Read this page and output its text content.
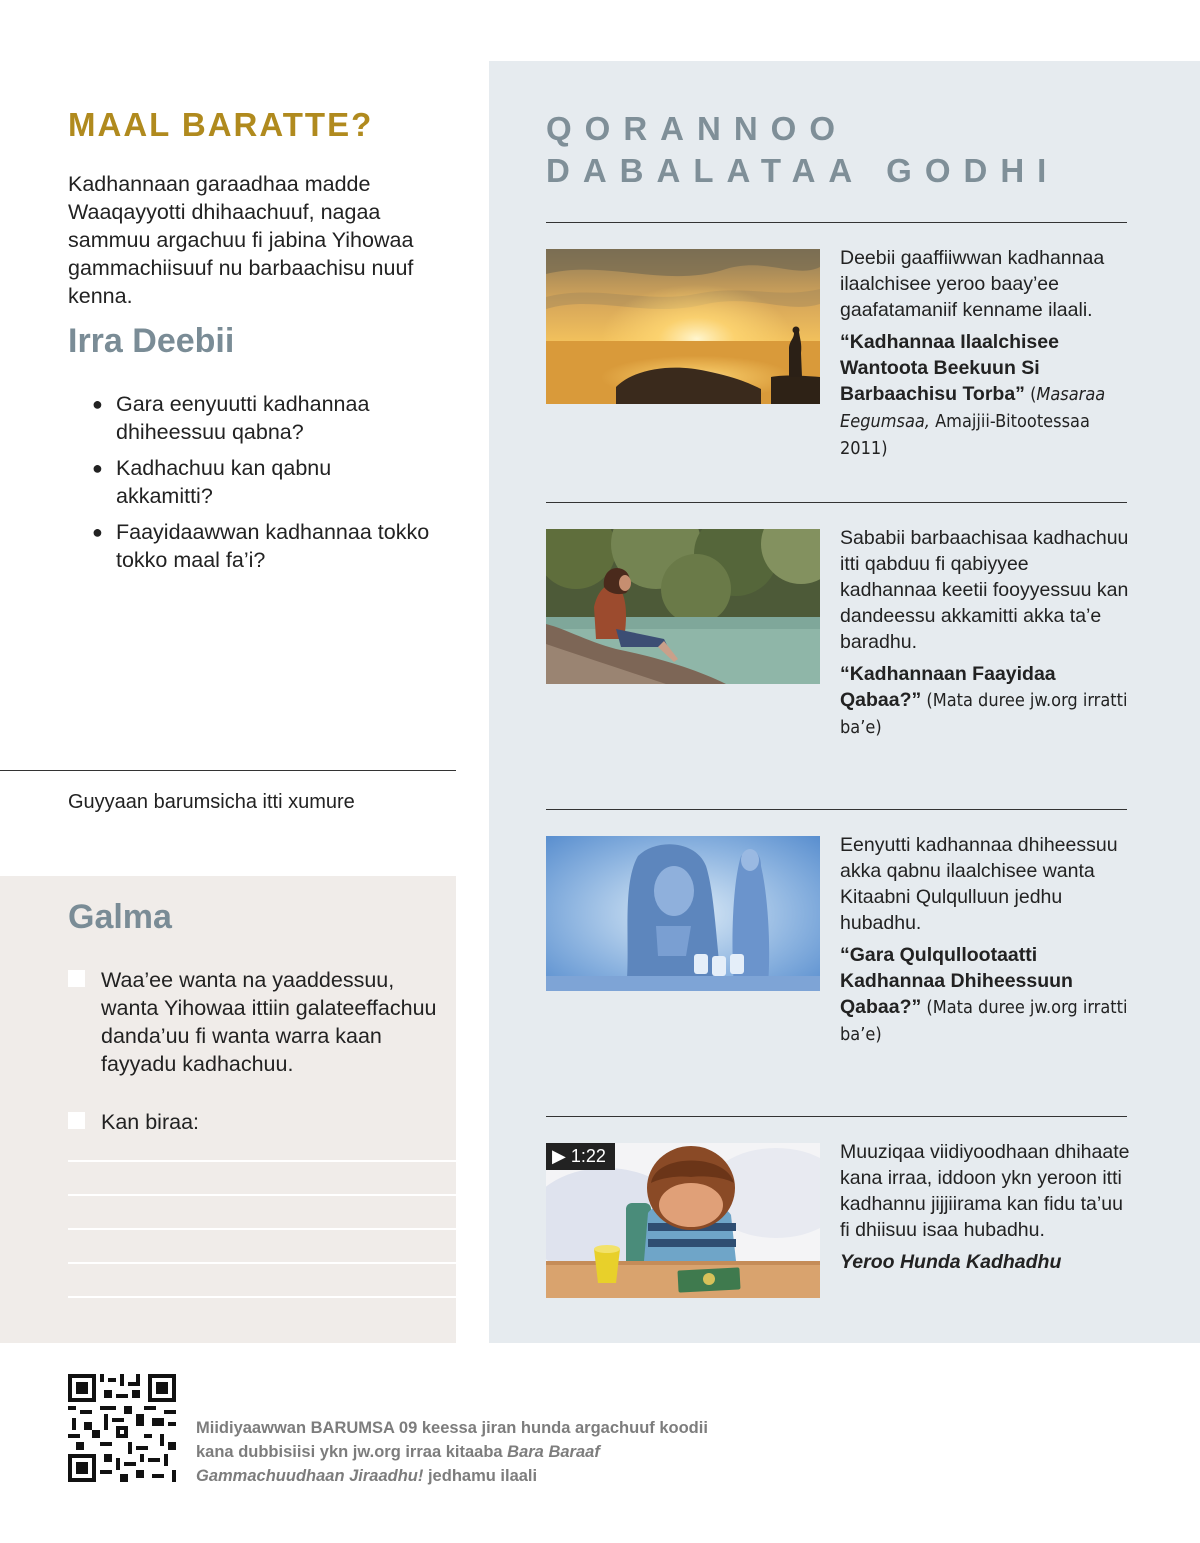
MAAL BARATTE?

Kadhannaan garaadhaa madde Waaqayyotti dhihaachuuf, nagaa sammuu argachuu fi jabina Yihowaa gammachiisuuf nu barbaachisu nuuf kenna.

Irra Deebii
● Gara eenyuutti kadhannaa dhiheessuu qabna?
● Kadhachuu kan qabnu akkamitti?
● Faayidaawwan kadhannaa tokko tokko maal fa’i?
Guyyaan barumsicha itti xumure
Galma
Waa’ee wanta na yaaddessuu, wanta Yihowaa ittiin galateeffachuu danda’uu fi wanta warra kaan fayyadu kadhachuu.
Kan biraa:
QORANNOO
DABALATAA GODHI
Deebii gaaffiiwwan kadhannaa ilaalchisee yeroo baay’ee gaafatamaniif kenname ilaali.
“Kadhannaa Ilaalchisee Wantoota Beekuun Si Barbaachisu Torba” (Masaraa Eegumsaa, Amajjii-Bitootessaa 2011)
Sababii barbaachisaa kadhachuu itti qabduu fi qabiyyee kadhannaa keetii fooyyessuu kan dandeessu akkamitti akka ta’e baradhu.
“Kadhannaan Faayidaa Qabaa?” (Mata duree jw.org irratti ba’e)
Eenyutti kadhannaa dhiheessuu akka qabnu ilaalchisee wanta Kitaabni Qulqulluun jedhu hubadhu.
“Gara Qulqullootaatti Kadhannaa Dhiheessuun Qabaa?” (Mata duree jw.org irratti ba’e)
▶ 1:22	Muuziqaa viidiyoodhaan dhihaate kana irraa, iddoon ykn yeroon itti kadhannu jijjiirama kan fidu ta’uu fi dhiisuu isaa hubadhu.
Yeroo Hunda Kadhadhu
Miidiyaawwan BARUMSA 09 keessa jiran hunda argachuuf koodii kana dubbisiisi ykn jw.org irraa kitaaba Bara Baraaf Gammachuudhaan Jiraadhu! jedhamu ilaali
